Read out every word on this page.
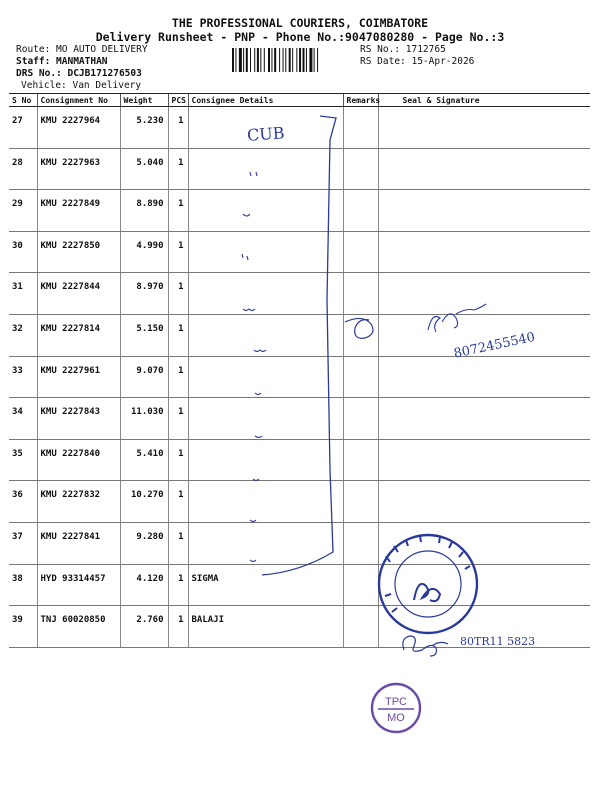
THE PROFESSIONAL COURIERS, COIMBATORE
Delivery Runsheet - PNP - Phone No.:9047080280 - Page No.:3
Route: MO AUTO DELIVERY
Staff: MANMATHAN
DRS No.: DCJB171276503
Vehicle: Van Delivery
RS No.: 1712765
RS Date: 15-Apr-2026
S No	Consignment No	Weight	PCS	Consignee Details	Remarks	Seal & Signature
27	KMU 2227964	5.230	1			
28	KMU 2227963	5.040	1			
29	KMU 2227849	8.890	1			
30	KMU 2227850	4.990	1			
31	KMU 2227844	8.970	1			
32	KMU 2227814	5.150	1			
33	KMU 2227961	9.070	1			
34	KMU 2227843	11.030	1			
35	KMU 2227840	5.410	1			
36	KMU 2227832	10.270	1			
37	KMU 2227841	9.280	1			
38	HYD 93314457	4.120	1	SIGMA		
39	TNJ 60020850	2.760	1	BALAJI		
CUB
8072455540
80TR11 5823
TPC
MO
